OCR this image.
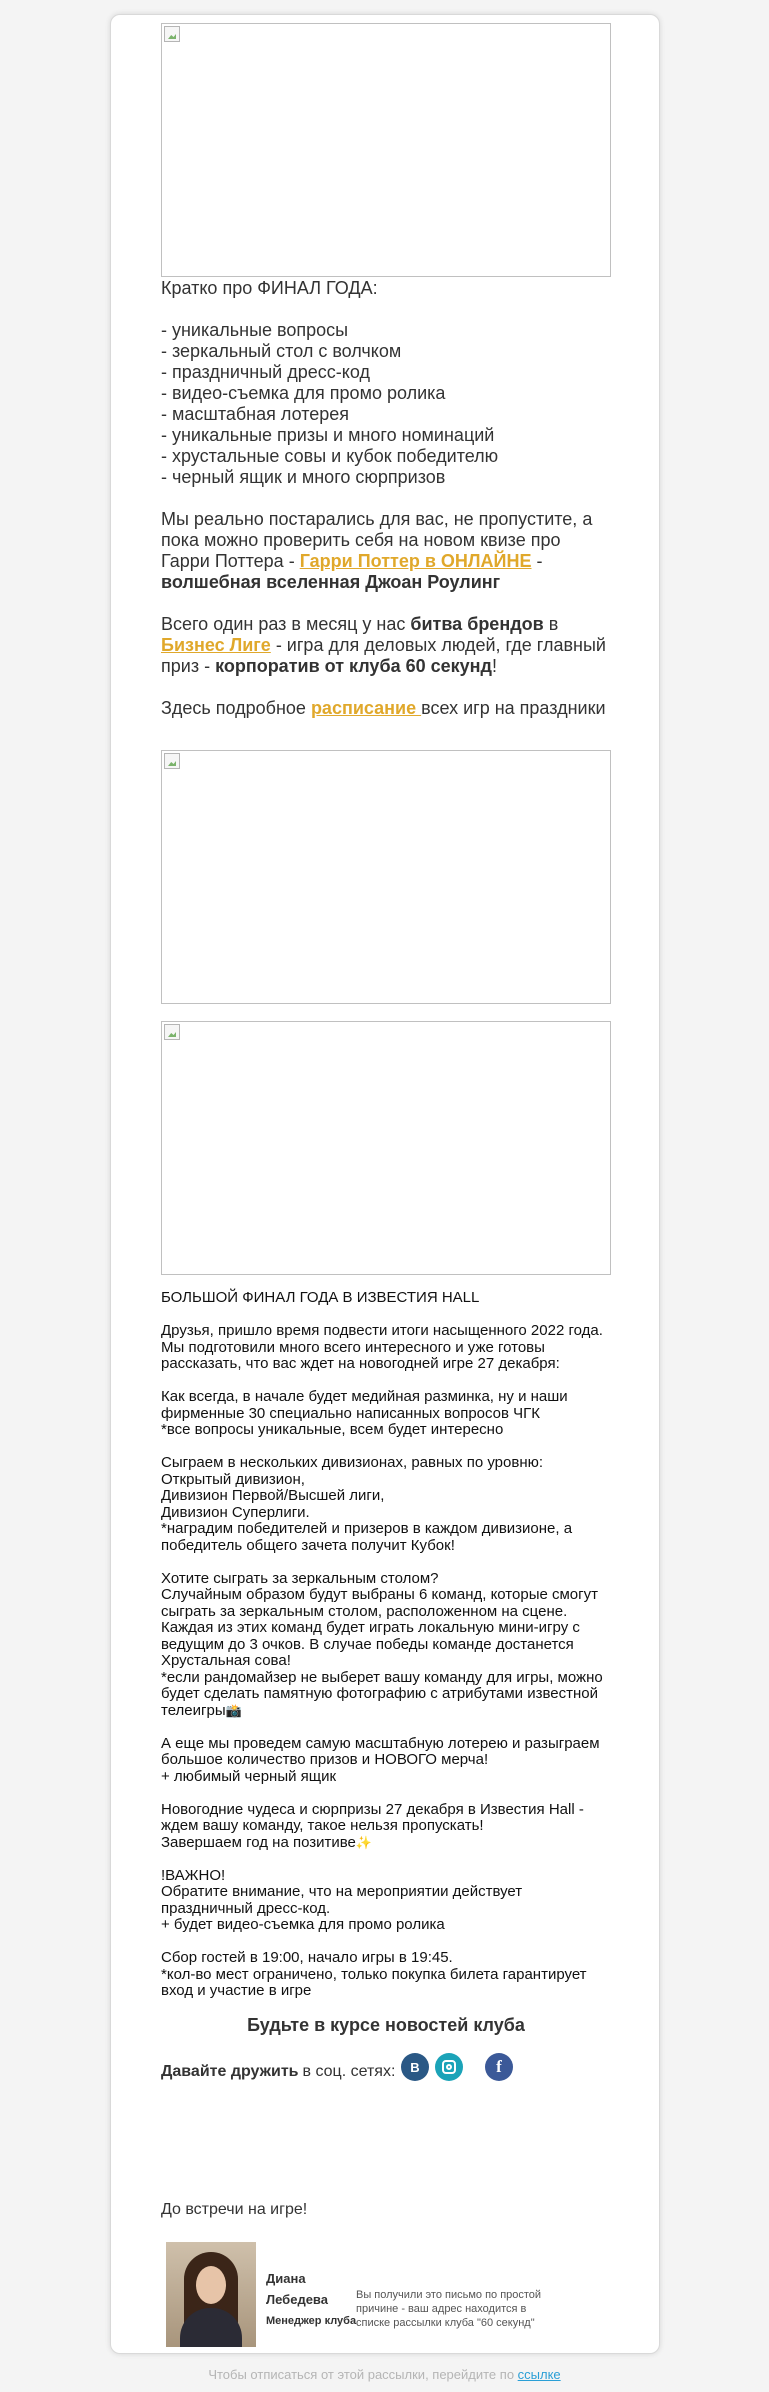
Кратко про ФИНАЛ ГОДА:

- уникальные вопросы

- зеркальный стол с волчком

- праздничный дресс-код

- видео-съемка для промо ролика

- масштабная лотерея

- уникальные призы и много номинаций

- хрустальные совы и кубок победителю

- черный ящик и много сюрпризов

Мы реально постарались для вас, не пропустите, а пока можно проверить себя на новом квизе про Гарри Поттера - Гарри Поттер в ОНЛАЙНЕ - волшебная вселенная Джоан Роулинг

Всего один раз в месяц у нас битва брендов в Бизнес Лиге - игра для деловых людей, где главный приз - корпоратив от клуба 60 секунд!

Здесь подробное расписание всех игр на праздники

БОЛЬШОЙ ФИНАЛ ГОДА В ИЗВЕСТИЯ HALL

Друзья, пришло время подвести итоги насыщенного 2022 года. Мы подготовили много всего интересного и уже готовы рассказать, что вас ждет на новогодней игре 27 декабря:

Как всегда, в начале будет медийная разминка, ну и наши фирменные 30 специально написанных вопросов ЧГК
*все вопросы уникальные, всем будет интересно

Сыграем в нескольких дивизионах, равных по уровню:
Открытый дивизион,
Дивизион Первой/Высшей лиги,
Дивизион Суперлиги.
*наградим победителей и призеров в каждом дивизионе, а победитель общего зачета получит Кубок!

Хотите сыграть за зеркальным столом?
Случайным образом будут выбраны 6 команд, которые смогут сыграть за зеркальным столом, расположенном на сцене. Каждая из этих команд будет играть локальную мини-игру с ведущим до 3 очков. В случае победы команде достанется Хрустальная сова!
*если рандомайзер не выберет вашу команду для игры, можно будет сделать памятную фотографию с атрибутами известной телеигры📸

А еще мы проведем самую масштабную лотерею и разыграем большое количество призов и НОВОГО мерча!
+ любимый черный ящик

Новогодние чудеса и сюрпризы 27 декабря в Известия Hall - ждем вашу команду, такое нельзя пропускать!
Завершаем год на позитиве✨

!ВАЖНО!
Обратите внимание, что на мероприятии действует праздничный дресс-код.
+ будет видео-съемка для промо ролика

Сбор гостей в 19:00, начало игры в 19:45.
*кол-во мест ограничено, только покупка билета гарантирует вход и участие в игре

Будьте в курсе новостей клуба
Давайте дружить в соц. сетях:	В	f
До встречи на игре!
Диана Лебедева
Менеджер клуба
Вы получили это письмо по простой причине - ваш адрес находится в списке рассылки клуба "60 секунд"
Чтобы отписаться от этой рассылки, перейдите по ссылке
